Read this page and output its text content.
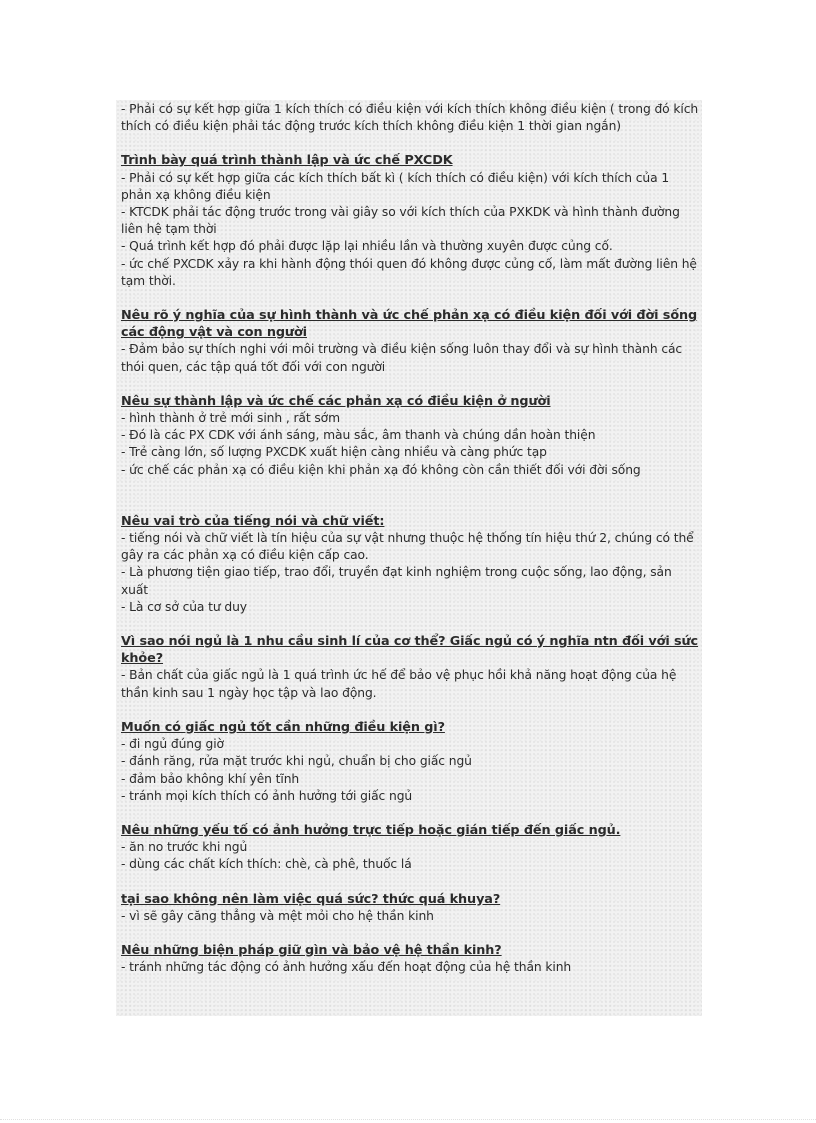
- Phải có sự kết hợp giữa 1 kích thích có điều kiện với kích thích không điều kiện ( trong đó kích thích có điều kiện phải tác động trước kích thích không điều kiện 1 thời gian ngắn)

Trình bày quá trình thành lập và ức chế PXCDK

- Phải có sự kết hợp giữa các kích thích bất kì ( kích thích có điều kiện) với kích thích của 1 phản xạ không điều kiện

- KTCDK phải tác động trước trong vài giây so với kích thích của PXKDK và hình thành đường liên hệ tạm thời

- Quá trình kết hợp đó phải được lặp lại nhiều lần và thường xuyên được củng cố.

- ức chế PXCDK xảy ra khi hành động thói quen đó không được củng cố, làm mất đường liên hệ tạm thời.

Nêu rõ ý nghĩa của sự hình thành và ức chế phản xạ có điều kiện đối với đời sống các động vật và con người

- Đảm bảo sự thích nghi với môi trường và điều kiện sống luôn thay đổi và sự hình thành các thói quen, các tập quá tốt đối với con người

Nêu sự thành lập và ức chế các phản xạ có điều kiện ở người

- hình thành ở trẻ mới sinh , rất sớm

- Đó là các PX CDK với ánh sáng, màu sắc, âm thanh và chúng dần hoàn thiện

- Trẻ càng lớn, số lượng PXCDK xuất hiện càng nhiều và càng phức tạp

- ức chế các phản xạ có điều kiện khi phản xạ đó không còn cần thiết đối với đời sống

Nêu vai trò của tiếng nói và chữ viết:

- tiếng nói và chữ viết là tín hiệu của sự vật nhưng thuộc hệ thống tín hiệu thứ 2, chúng có thể gây ra các phản xạ có điều kiện cấp cao.

- Là phương tiện giao tiếp, trao đổi, truyền đạt kinh nghiệm trong cuộc sống, lao động, sản xuất

- Là cơ sở của tư duy

Vì sao nói ngủ là 1 nhu cầu sinh lí của cơ thể? Giấc ngủ có ý nghĩa ntn đối với sức khỏe?

- Bản chất của giấc ngủ là 1 quá trình ức hế để bảo vệ phục hồi khả năng hoạt động của hệ thần kinh sau 1 ngày học tập và lao động.

Muốn có giấc ngủ tốt cần những điều kiện gì?

- đi ngủ đúng giờ

- đánh răng, rửa mặt trước khi ngủ, chuẩn bị cho giấc ngủ

- đảm bảo không khí yên tĩnh

- tránh mọi kích thích có ảnh hưởng tới giấc ngủ

Nêu những yếu tố có ảnh hưởng trực tiếp hoặc gián tiếp đến giấc ngủ.

- ăn no trước khi ngủ

- dùng các chất kích thích: chè, cà phê, thuốc lá

tại sao không nên làm việc quá sức? thức quá khuya?

- vì sẽ gây căng thẳng và mệt mỏi cho hệ thần kinh

Nêu những biện pháp giữ gìn và bảo vệ hệ thần kinh?

- tránh những tác động có ảnh hưởng xấu đến hoạt động của hệ thần kinh
